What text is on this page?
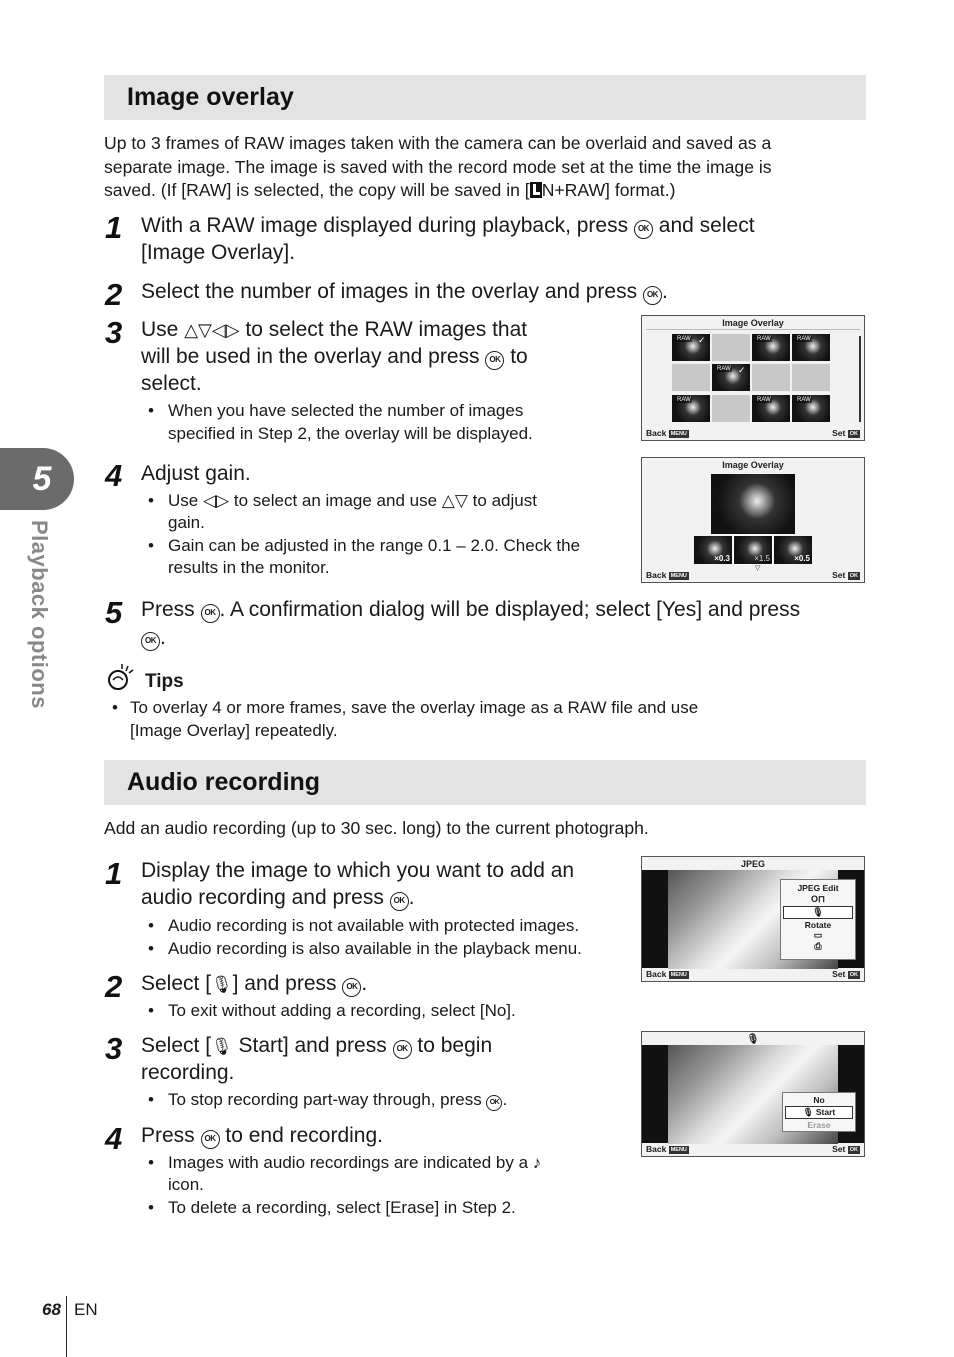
5
Playback options
Image overlay
Up to 3 frames of RAW images taken with the camera can be overlaid and saved as a
separate image. The image is saved with the record mode set at the time the image is
saved. (If [RAW] is selected, the copy will be saved in [ N+RAW] format.)
1 With a RAW image displayed during playback, press OK and select
[Image Overlay].
2 Select the number of images in the overlay and press OK .
3 Use △▽◁▷ to select the RAW images that
will be used in the overlay and press OK to
select.
• When you have selected the number of images
specified in Step 2, the overlay will be displayed.
Image Overlay
RAW ✓	RAW	RAW
RAW ✓
RAW	RAW	RAW
Back MENU	Set OK
4 Adjust gain.
• Use ◁▷ to select an image and use △▽ to adjust
gain.
• Gain can be adjusted in the range 0.1 – 2.0. Check the
results in the monitor.
Image Overlay
×0.3	×1.5	×0.5
▽
Back MENU	Set OK
5 Press OK . A confirmation dialog will be displayed; select [Yes] and press
OK .
Tips
• To overlay 4 or more frames, save the overlay image as a RAW file and use
[Image Overlay] repeatedly.
Audio recording
Add an audio recording (up to 30 sec. long) to the current photograph.
1 Display the image to which you want to add an
audio recording and press OK .
• Audio recording is not available with protected images.
• Audio recording is also available in the playback menu.
JPEG
JPEG Edit
O⊓
🎙︎
Rotate
▭
⎙
Back MENU	Set OK
2 Select [🎙︎] and press OK .
• To exit without adding a recording, select [No].
3 Select [🎙︎ Start] and press OK to begin
recording.
• To stop recording part-way through, press OK .
🎙︎
No
🎙︎ Start
Erase
Back MENU	Set OK
4 Press OK to end recording.
• Images with audio recordings are indicated by a ♪
icon.
• To delete a recording, select [Erase] in Step 2.
68 EN
